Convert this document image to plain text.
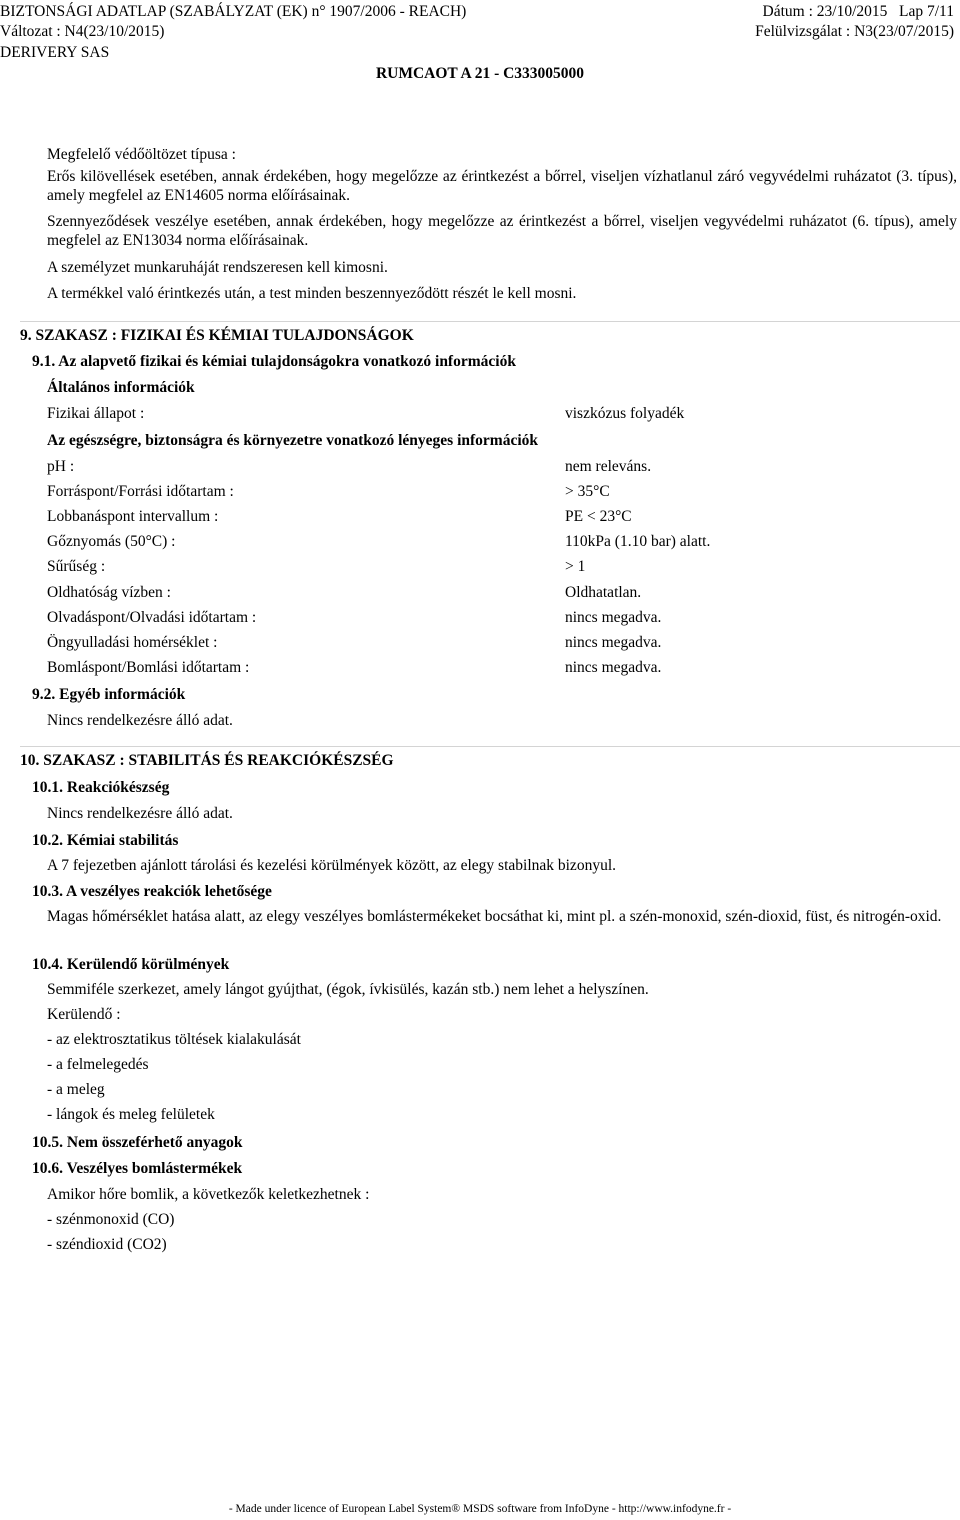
BIZTONSÁGI ADATLAP (SZABÁLYZAT (EK) n° 1907/2006 - REACH)	Dátum : 23/10/2015 Lap 7/11
Változat : N4(23/10/2015)	Felülvizsgálat : N3(23/07/2015)
DERIVERY SAS
RUMCAOT A 21 - C333005000
Megfelelő védőöltözet típusa :
Erős kilövellések esetében, annak érdekében, hogy megelőzze az érintkezést a bőrrel, viseljen vízhatlanul záró vegyvédelmi ruházatot (3. típus), amely megfelel az EN14605 norma előírásainak.
Szennyeződések veszélye esetében, annak érdekében, hogy megelőzze az érintkezést a bőrrel, viseljen vegyvédelmi ruházatot (6. típus), amely megfelel az EN13034 norma előírásainak.
A személyzet munkaruháját rendszeresen kell kimosni.
A termékkel való érintkezés után, a test minden beszennyeződött részét le kell mosni.
9. SZAKASZ : FIZIKAI ÉS KÉMIAI TULAJDONSÁGOK
9.1. Az alapvető fizikai és kémiai tulajdonságokra vonatkozó információk
Általános információk
Fizikai állapot :	viszkózus folyadék
Az egészségre, biztonságra és környezetre vonatkozó lényeges információk
pH :	nem releváns.
Forráspont/Forrási időtartam :	> 35°C
Lobbanáspont intervallum :	PE < 23°C
Gőznyomás (50°C) :	110kPa (1.10 bar) alatt.
Sűrűség :	> 1
Oldhatóság vízben :	Oldhatatlan.
Olvadáspont/Olvadási időtartam :	nincs megadva.
Öngyulladási homérséklet :	nincs megadva.
Bomláspont/Bomlási időtartam :	nincs megadva.
9.2. Egyéb információk
Nincs rendelkezésre álló adat.
10. SZAKASZ : STABILITÁS ÉS REAKCIÓKÉSZSÉG
10.1. Reakciókészség
Nincs rendelkezésre álló adat.
10.2. Kémiai stabilitás
A 7 fejezetben ajánlott tárolási és kezelési körülmények között, az elegy stabilnak bizonyul.
10.3. A veszélyes reakciók lehetősége
Magas hőmérséklet hatása alatt, az elegy veszélyes bomlástermékeket bocsáthat ki, mint pl. a szén-monoxid, szén-dioxid, füst, és nitrogén-oxid.
10.4. Kerülendő körülmények
Semmiféle szerkezet, amely lángot gyújthat, (égok, ívkisülés, kazán stb.) nem lehet a helyszínen.
Kerülendő :
- az elektrosztatikus töltések kialakulását
- a felmelegedés
- a meleg
- lángok és meleg felületek
10.5. Nem összeférhető anyagok
10.6. Veszélyes bomlástermékek
Amikor hőre bomlik, a következők keletkezhetnek :
- szénmonoxid (CO)
- széndioxid (CO2)
- Made under licence of European Label System® MSDS software from InfoDyne - http://www.infodyne.fr -
